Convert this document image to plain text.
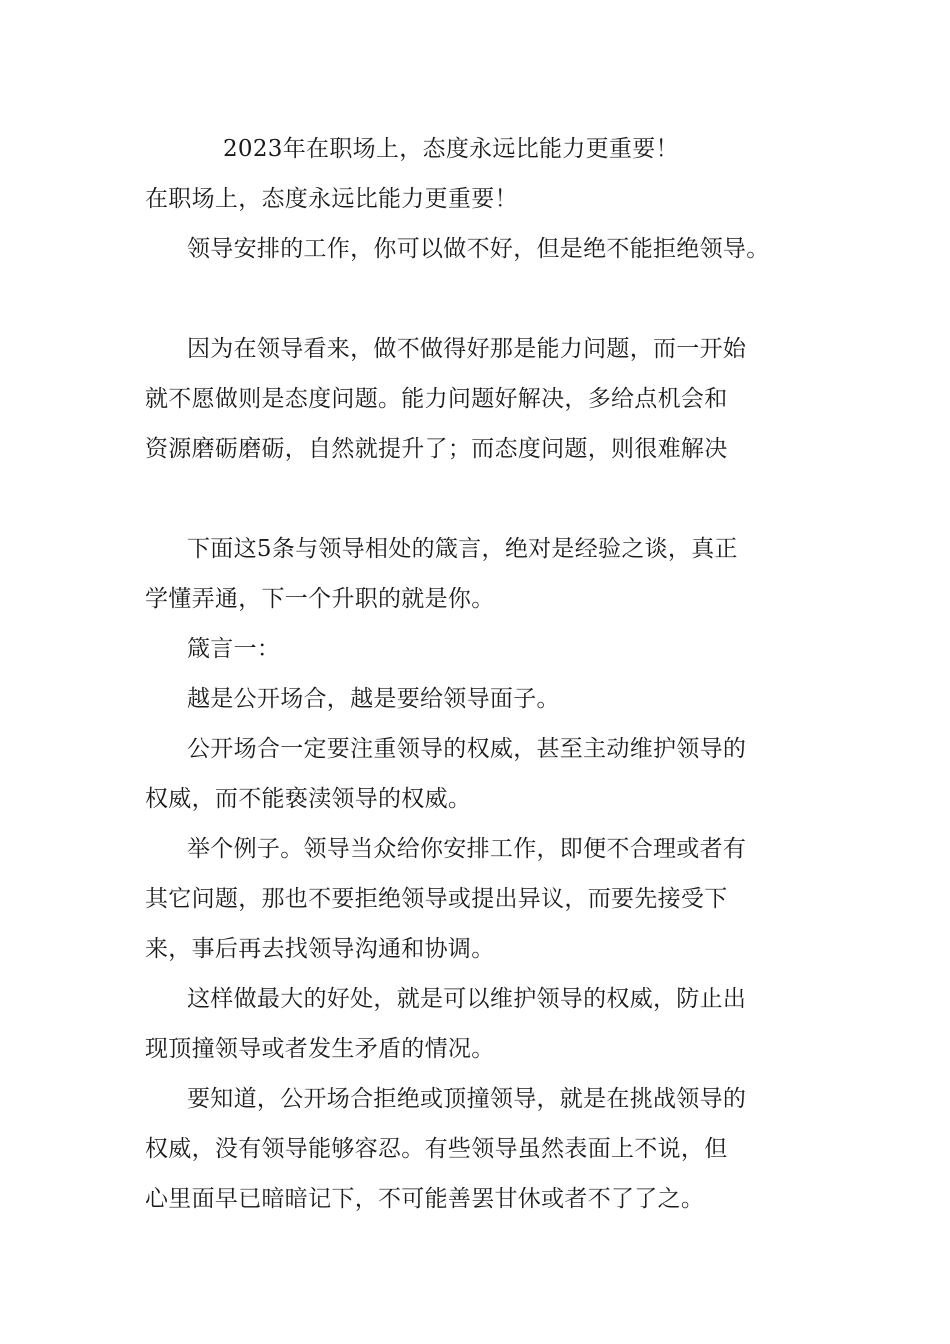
2023年在职场上，态度永远比能力更重要！
在职场上，态度永远比能力更重要！
领导安排的工作，你可以做不好，但是绝不能拒绝领导。
因为在领导看来，做不做得好那是能力问题，而一开始
就不愿做则是态度问题。能力问题好解决，多给点机会和
资源磨砺磨砺，自然就提升了；而态度问题，则很难解决
下面这5条与领导相处的箴言，绝对是经验之谈，真正
学懂弄通，下一个升职的就是你。
箴言一：
越是公开场合，越是要给领导面子。
公开场合一定要注重领导的权威，甚至主动维护领导的
权威，而不能亵渎领导的权威。
举个例子。领导当众给你安排工作，即便不合理或者有
其它问题，那也不要拒绝领导或提出异议，而要先接受下
来，事后再去找领导沟通和协调。
这样做最大的好处，就是可以维护领导的权威，防止出
现顶撞领导或者发生矛盾的情况。
要知道，公开场合拒绝或顶撞领导，就是在挑战领导的
权威，没有领导能够容忍。有些领导虽然表面上不说，但
心里面早已暗暗记下，不可能善罢甘休或者不了了之。
